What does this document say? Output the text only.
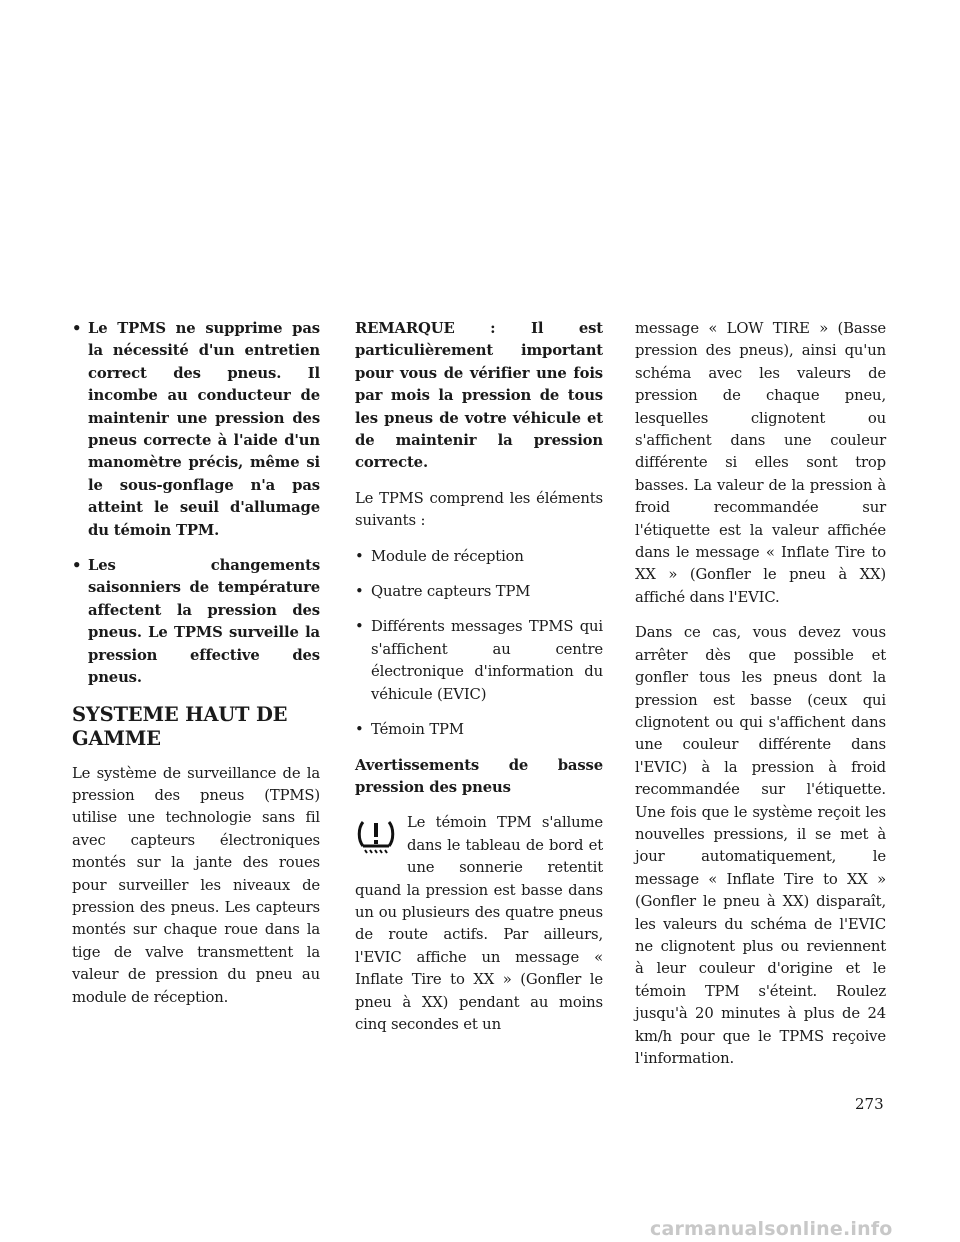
• Le TPMS ne supprime pas la nécessité d'un entretien correct des pneus. Il incombe au conducteur de maintenir une pression des pneus correcte à l'aide d'un manomètre précis, même si le sous-gonflage n'a pas atteint le seuil d'allumage du témoin TPM.
• Les changements saisonniers de température affectent la pression des pneus. Le TPMS surveille la pression effective des pneus.
SYSTEME HAUT DE GAMME

Le système de surveillance de la pression des pneus (TPMS) utilise une technologie sans fil avec capteurs électroniques montés sur la jante des roues pour surveiller les niveaux de pression des pneus. Les capteurs montés sur chaque roue dans la tige de valve transmettent la valeur de pression du pneu au module de réception.

REMARQUE : Il est particulièrement important pour vous de vérifier une fois par mois la pression de tous les pneus de votre véhicule et de maintenir la pression correcte.

Le TPMS comprend les éléments suivants :

• Module de réception
• Quatre capteurs TPM
• Différents messages TPMS qui s'affichent au centre électronique d'information du véhicule (EVIC)
• Témoin TPM

Avertissements de basse pression des pneus

Le témoin TPM s'allume dans le tableau de bord et une sonnerie retentit quand la pression est basse dans un ou plusieurs des quatre pneus de route actifs. Par ailleurs, l'EVIC affiche un message « Inflate Tire to XX » (Gonfler le pneu à XX) pendant au moins cinq secondes et un

message « LOW TIRE » (Basse pression des pneus), ainsi qu'un schéma avec les valeurs de pression de chaque pneu, lesquelles clignotent ou s'affichent dans une couleur différente si elles sont trop basses. La valeur de la pression à froid recommandée sur l'étiquette est la valeur affichée dans le message « Inflate Tire to XX » (Gonfler le pneu à XX) affiché dans l'EVIC.

Dans ce cas, vous devez vous arrêter dès que possible et gonfler tous les pneus dont la pression est basse (ceux qui clignotent ou qui s'affichent dans une couleur différente dans l'EVIC) à la pression à froid recommandée sur l'étiquette. Une fois que le système reçoit les nouvelles pressions, il se met à jour automatiquement, le message « Inflate Tire to XX » (Gonfler le pneu à XX) disparaît, les valeurs du schéma de l'EVIC ne clignotent plus ou reviennent à leur couleur d'origine et le témoin TPM s'éteint. Roulez jusqu'à 20 minutes à plus de 24 km/h pour que le TPMS reçoive l'information.

273
carmanualsonline.info
